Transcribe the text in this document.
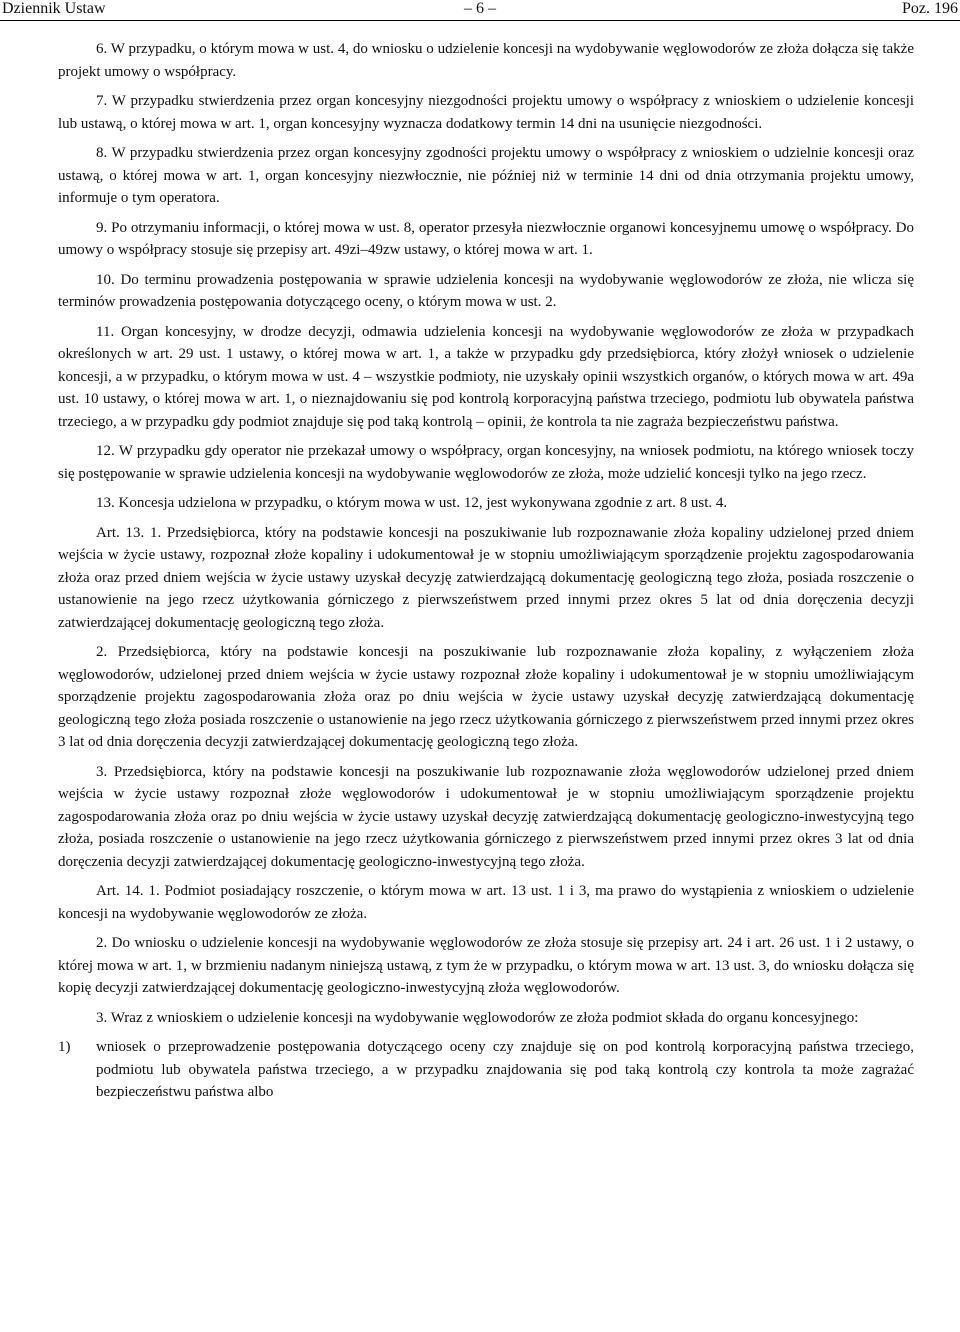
Dziennik Ustaw	– 6 –	Poz. 196

6. W przypadku, o którym mowa w ust. 4, do wniosku o udzielenie koncesji na wydobywanie węglowodorów ze złoża dołącza się także projekt umowy o współpracy.

7. W przypadku stwierdzenia przez organ koncesyjny niezgodności projektu umowy o współpracy z wnioskiem o udzielenie koncesji lub ustawą, o której mowa w art. 1, organ koncesyjny wyznacza dodatkowy termin 14 dni na usunięcie niezgodności.

8. W przypadku stwierdzenia przez organ koncesyjny zgodności projektu umowy o współpracy z wnioskiem o udzielnie koncesji oraz ustawą, o której mowa w art. 1, organ koncesyjny niezwłocznie, nie później niż w terminie 14 dni od dnia otrzymania projektu umowy, informuje o tym operatora.

9. Po otrzymaniu informacji, o której mowa w ust. 8, operator przesyła niezwłocznie organowi koncesyjnemu umowę o współpracy. Do umowy o współpracy stosuje się przepisy art. 49zi–49zw ustawy, o której mowa w art. 1.

10. Do terminu prowadzenia postępowania w sprawie udzielenia koncesji na wydobywanie węglowodorów ze złoża, nie wlicza się terminów prowadzenia postępowania dotyczącego oceny, o którym mowa w ust. 2.

11. Organ koncesyjny, w drodze decyzji, odmawia udzielenia koncesji na wydobywanie węglowodorów ze złoża w przypadkach określonych w art. 29 ust. 1 ustawy, o której mowa w art. 1, a także w przypadku gdy przedsiębiorca, który złożył wniosek o udzielenie koncesji, a w przypadku, o którym mowa w ust. 4 – wszystkie podmioty, nie uzyskały opinii wszystkich organów, o których mowa w art. 49a ust. 10 ustawy, o której mowa w art. 1, o nieznajdowaniu się pod kontrolą korporacyjną państwa trzeciego, podmiotu lub obywatela państwa trzeciego, a w przypadku gdy podmiot znajduje się pod taką kontrolą – opinii, że kontrola ta nie zagraża bezpieczeństwu państwa.

12. W przypadku gdy operator nie przekazał umowy o współpracy, organ koncesyjny, na wniosek podmiotu, na którego wniosek toczy się postępowanie w sprawie udzielenia koncesji na wydobywanie węglowodorów ze złoża, może udzielić koncesji tylko na jego rzecz.

13. Koncesja udzielona w przypadku, o którym mowa w ust. 12, jest wykonywana zgodnie z art. 8 ust. 4.

Art. 13. 1. Przedsiębiorca, który na podstawie koncesji na poszukiwanie lub rozpoznawanie złoża kopaliny udzielonej przed dniem wejścia w życie ustawy, rozpoznał złoże kopaliny i udokumentował je w stopniu umożliwiającym sporządzenie projektu zagospodarowania złoża oraz przed dniem wejścia w życie ustawy uzyskał decyzję zatwierdzającą dokumentację geologiczną tego złoża, posiada roszczenie o ustanowienie na jego rzecz użytkowania górniczego z pierwszeństwem przed innymi przez okres 5 lat od dnia doręczenia decyzji zatwierdzającej dokumentację geologiczną tego złoża.

2. Przedsiębiorca, który na podstawie koncesji na poszukiwanie lub rozpoznawanie złoża kopaliny, z wyłączeniem złoża węglowodorów, udzielonej przed dniem wejścia w życie ustawy rozpoznał złoże kopaliny i udokumentował je w stopniu umożliwiającym sporządzenie projektu zagospodarowania złoża oraz po dniu wejścia w życie ustawy uzyskał decyzję zatwierdzającą dokumentację geologiczną tego złoża posiada roszczenie o ustanowienie na jego rzecz użytkowania górniczego z pierwszeństwem przed innymi przez okres 3 lat od dnia doręczenia decyzji zatwierdzającej dokumentację geologiczną tego złoża.

3. Przedsiębiorca, który na podstawie koncesji na poszukiwanie lub rozpoznawanie złoża węglowodorów udzielonej przed dniem wejścia w życie ustawy rozpoznał złoże węglowodorów i udokumentował je w stopniu umożliwiającym sporządzenie projektu zagospodarowania złoża oraz po dniu wejścia w życie ustawy uzyskał decyzję zatwierdzającą dokumentację geologiczno-inwestycyjną tego złoża, posiada roszczenie o ustanowienie na jego rzecz użytkowania górniczego z pierwszeństwem przed innymi przez okres 3 lat od dnia doręczenia decyzji zatwierdzającej dokumentację geologiczno-inwestycyjną tego złoża.

Art. 14. 1. Podmiot posiadający roszczenie, o którym mowa w art. 13 ust. 1 i 3, ma prawo do wystąpienia z wnioskiem o udzielenie koncesji na wydobywanie węglowodorów ze złoża.

2. Do wniosku o udzielenie koncesji na wydobywanie węglowodorów ze złoża stosuje się przepisy art. 24 i art. 26 ust. 1 i 2 ustawy, o której mowa w art. 1, w brzmieniu nadanym niniejszą ustawą, z tym że w przypadku, o którym mowa w art. 13 ust. 3, do wniosku dołącza się kopię decyzji zatwierdzającej dokumentację geologiczno-inwestycyjną złoża węglowodorów.

3. Wraz z wnioskiem o udzielenie koncesji na wydobywanie węglowodorów ze złoża podmiot składa do organu koncesyjnego:

1)	wniosek o przeprowadzenie postępowania dotyczącego oceny czy znajduje się on pod kontrolą korporacyjną państwa trzeciego, podmiotu lub obywatela państwa trzeciego, a w przypadku znajdowania się pod taką kontrolą czy kontrola ta może zagrażać bezpieczeństwu państwa albo
